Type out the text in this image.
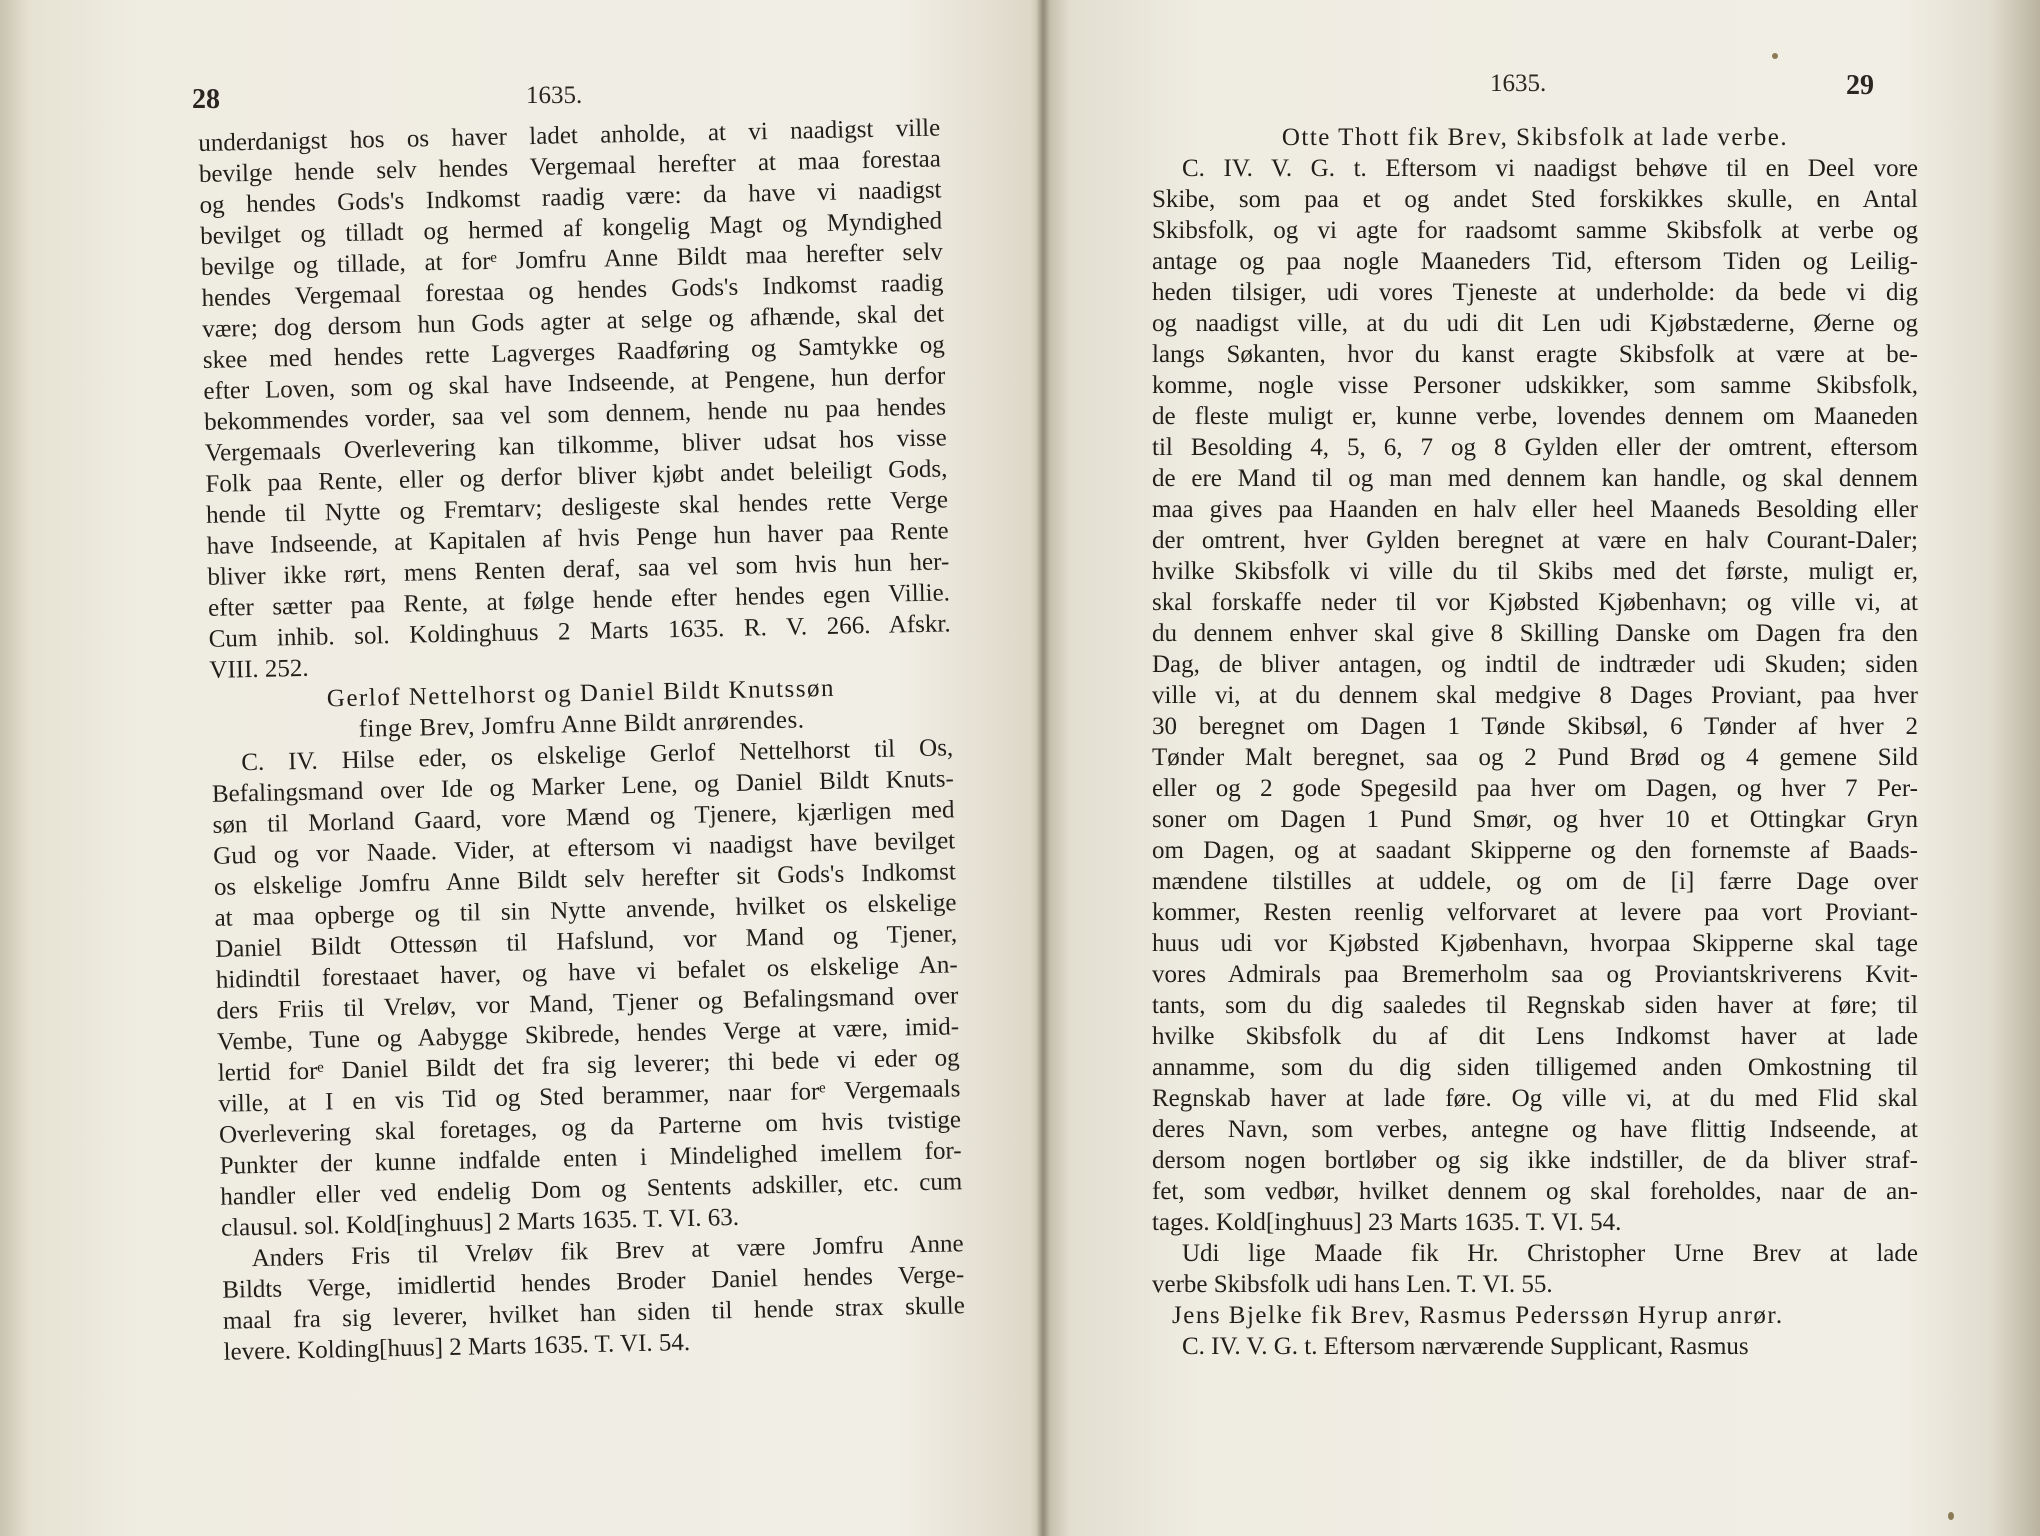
28	1635.
underdanigst hos os haver ladet anholde, at vi naadigst ville
bevilge hende selv hendes Vergemaal herefter at maa forestaa
og hendes Gods's Indkomst raadig være: da have vi naadigst
bevilget og tilladt og hermed af kongelig Magt og Myndighed
bevilge og tillade, at forᵉ Jomfru Anne Bildt maa herefter selv
hendes Vergemaal forestaa og hendes Gods's Indkomst raadig
være; dog dersom hun Gods agter at selge og afhænde, skal det
skee med hendes rette Lagverges Raadføring og Samtykke og
efter Loven, som og skal have Indseende, at Pengene, hun derfor
bekommendes vorder, saa vel som dennem, hende nu paa hendes
Vergemaals Overlevering kan tilkomme, bliver udsat hos visse
Folk paa Rente, eller og derfor bliver kjøbt andet beleiligt Gods,
hende til Nytte og Fremtarv; desligeste skal hendes rette Verge
have Indseende, at Kapitalen af hvis Penge hun haver paa Rente
bliver ikke rørt, mens Renten deraf, saa vel som hvis hun her-
efter sætter paa Rente, at følge hende efter hendes egen Villie.
Cum inhib. sol. Koldinghuus 2 Marts 1635. R. V. 266. Afskr.
VIII. 252.

Gerlof Nettelhorst og Daniel Bildt Knutssøn

finge Brev, Jomfru Anne Bildt anrørendes.

C. IV. Hilse eder, os elskelige Gerlof Nettelhorst til Os,
Befalingsmand over Ide og Marker Lene, og Daniel Bildt Knuts-
søn til Morland Gaard, vore Mænd og Tjenere, kjærligen med
Gud og vor Naade. Vider, at eftersom vi naadigst have bevilget
os elskelige Jomfru Anne Bildt selv herefter sit Gods's Indkomst
at maa opberge og til sin Nytte anvende, hvilket os elskelige
Daniel Bildt Ottessøn til Hafslund, vor Mand og Tjener,
hidindtil forestaaet haver, og have vi befalet os elskelige An-
ders Friis til Vreløv, vor Mand, Tjener og Befalingsmand over
Vembe, Tune og Aabygge Skibrede, hendes Verge at være, imid-
lertid forᵉ Daniel Bildt det fra sig leverer; thi bede vi eder og
ville, at I en vis Tid og Sted berammer, naar forᵉ Vergemaals
Overlevering skal foretages, og da Parterne om hvis tvistige
Punkter der kunne indfalde enten i Mindelighed imellem for-
handler eller ved endelig Dom og Sentents adskiller, etc. cum
clausul. sol. Kold[inghuus] 2 Marts 1635. T. VI. 63.
Anders Fris til Vreløv fik Brev at være Jomfru Anne
Bildts Verge, imidlertid hendes Broder Daniel hendes Verge-
maal fra sig leverer, hvilket han siden til hende strax skulle
levere. Kolding[huus] 2 Marts 1635. T. VI. 54.
1635.	29

Otte Thott fik Brev, Skibsfolk at lade verbe.

C. IV. V. G. t. Eftersom vi naadigst behøve til en Deel vore
Skibe, som paa et og andet Sted forskikkes skulle, en Antal
Skibsfolk, og vi agte for raadsomt samme Skibsfolk at verbe og
antage og paa nogle Maaneders Tid, eftersom Tiden og Leilig-
heden tilsiger, udi vores Tjeneste at underholde: da bede vi dig
og naadigst ville, at du udi dit Len udi Kjøbstæderne, Øerne og
langs Søkanten, hvor du kanst eragte Skibsfolk at være at be-
komme, nogle visse Personer udskikker, som samme Skibsfolk,
de fleste muligt er, kunne verbe, lovendes dennem om Maaneden
til Besolding 4, 5, 6, 7 og 8 Gylden eller der omtrent, eftersom
de ere Mand til og man med dennem kan handle, og skal dennem
maa gives paa Haanden en halv eller heel Maaneds Besolding eller
der omtrent, hver Gylden beregnet at være en halv Courant-Daler;
hvilke Skibsfolk vi ville du til Skibs med det første, muligt er,
skal forskaffe neder til vor Kjøbsted Kjøbenhavn; og ville vi, at
du dennem enhver skal give 8 Skilling Danske om Dagen fra den
Dag, de bliver antagen, og indtil de indtræder udi Skuden; siden
ville vi, at du dennem skal medgive 8 Dages Proviant, paa hver
30 beregnet om Dagen 1 Tønde Skibsøl, 6 Tønder af hver 2
Tønder Malt beregnet, saa og 2 Pund Brød og 4 gemene Sild
eller og 2 gode Spegesild paa hver om Dagen, og hver 7 Per-
soner om Dagen 1 Pund Smør, og hver 10 et Ottingkar Gryn
om Dagen, og at saadant Skipperne og den fornemste af Baads-
mændene tilstilles at uddele, og om de [i] færre Dage over
kommer, Resten reenlig velforvaret at levere paa vort Proviant-
huus udi vor Kjøbsted Kjøbenhavn, hvorpaa Skipperne skal tage
vores Admirals paa Bremerholm saa og Proviantskriverens Kvit-
tants, som du dig saaledes til Regnskab siden haver at føre; til
hvilke Skibsfolk du af dit Lens Indkomst haver at lade
annamme, som du dig siden tilligemed anden Omkostning til
Regnskab haver at lade føre. Og ville vi, at du med Flid skal
deres Navn, som verbes, antegne og have flittig Indseende, at
dersom nogen bortløber og sig ikke indstiller, de da bliver straf-
fet, som vedbør, hvilket dennem og skal foreholdes, naar de an-
tages. Kold[inghuus] 23 Marts 1635. T. VI. 54.
Udi lige Maade fik Hr. Christopher Urne Brev at lade
verbe Skibsfolk udi hans Len. T. VI. 55.

Jens Bjelke fik Brev, Rasmus Pederssøn Hyrup anrør.

C. IV. V. G. t. Eftersom nærværende Supplicant, Rasmus
